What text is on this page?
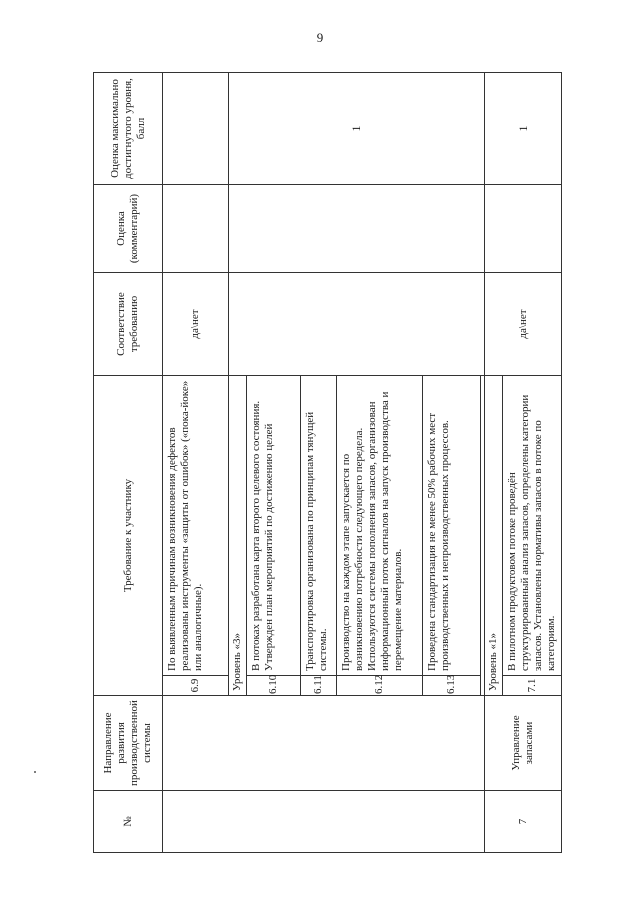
9
№	Направление развития производственной системы	Требование к участнику		Соответствие требованию	Оценка (комментарий)	Оценка максимально достигнутого уровня, балл
		6.9	По выявленным причинам возникновения дефектов реализованы инструменты «защиты от ошибок» («пока-йоке» или аналогичные).	да\нет		
		Уровень «3»				1
		6.10	В потоках разработана карта второго целевого состояния. Утвержден план мероприятий по достижению целей			
		6.11	Транспортировка организована по принципам тянущей системы.			
		6.12	Производство на каждом этапе запускается по возникновению потребности следующего передела. Используются системы пополнения запасов, организован информационный поток сигналов на запуск производства и перемещение материалов.			
		6.13	Проведена стандартизация не менее 50% рабочих мест производственных и непроизводственных процессов.			

7	Управление запасами	Уровень «1»		да\нет		1
		7.1	В пилотном продуктовом потоке проведён структурированный анализ запасов, определены категории запасов. Установлены нормативы запасов в потоке по категориям.			
